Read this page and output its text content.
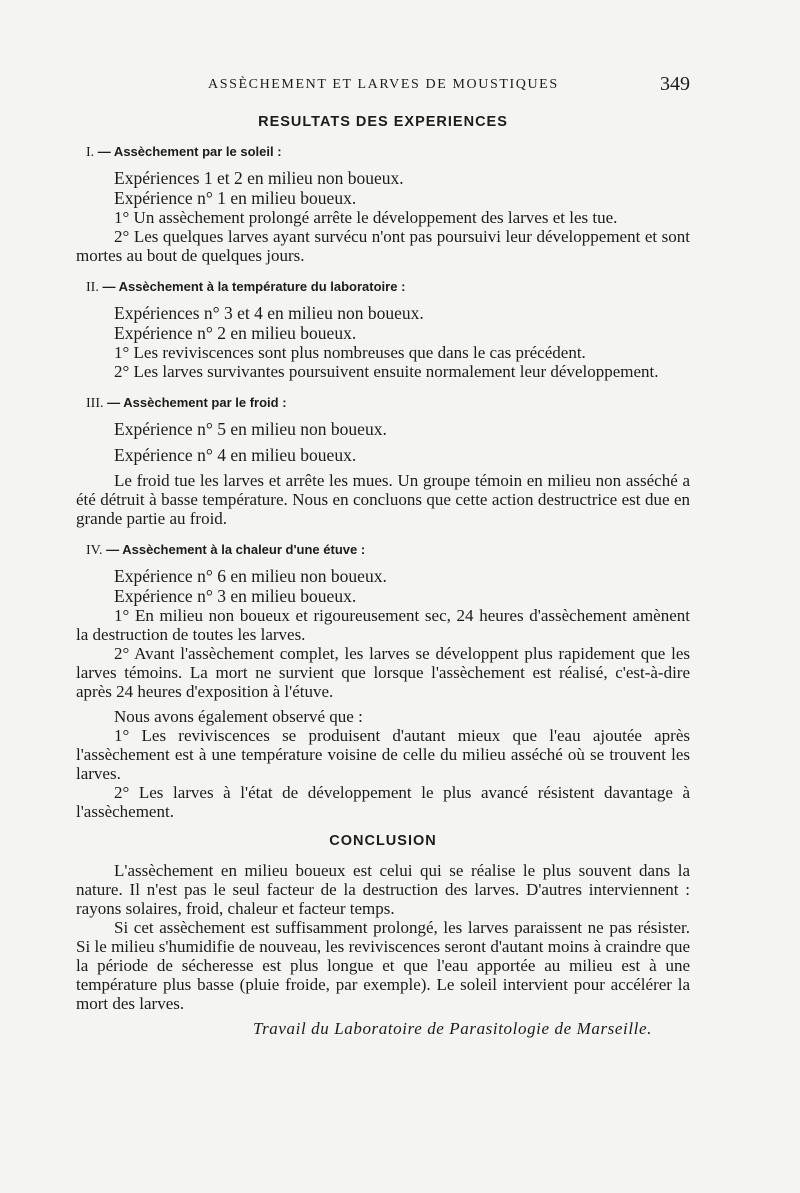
ASSÈCHEMENT ET LARVES DE MOUSTIQUES	349
RESULTATS DES EXPERIENCES
I. — Assèchement par le soleil :

Expériences 1 et 2 en milieu non boueux.

Expérience n° 1 en milieu boueux.

1° Un assèchement prolongé arrête le développement des larves et les tue.

2° Les quelques larves ayant survécu n'ont pas poursuivi leur développement et sont mortes au bout de quelques jours.

II. — Assèchement à la température du laboratoire :

Expériences n° 3 et 4 en milieu non boueux.

Expérience n° 2 en milieu boueux.

1° Les reviviscences sont plus nombreuses que dans le cas précédent.

2° Les larves survivantes poursuivent ensuite normalement leur développement.

III. — Assèchement par le froid :

Expérience n° 5 en milieu non boueux.

Expérience n° 4 en milieu boueux.

Le froid tue les larves et arrête les mues. Un groupe témoin en milieu non asséché a été détruit à basse température. Nous en concluons que cette action destructrice est due en grande partie au froid.

IV. — Assèchement à la chaleur d'une étuve :

Expérience n° 6 en milieu non boueux.

Expérience n° 3 en milieu boueux.

1° En milieu non boueux et rigoureusement sec, 24 heures d'assèchement amènent la destruction de toutes les larves.

2° Avant l'assèchement complet, les larves se développent plus rapidement que les larves témoins. La mort ne survient que lorsque l'assèchement est réalisé, c'est-à-dire après 24 heures d'exposition à l'étuve.

Nous avons également observé que :

1° Les reviviscences se produisent d'autant mieux que l'eau ajoutée après l'assèchement est à une température voisine de celle du milieu asséché où se trouvent les larves.

2° Les larves à l'état de développement le plus avancé résistent davantage à l'assèchement.

CONCLUSION

L'assèchement en milieu boueux est celui qui se réalise le plus souvent dans la nature. Il n'est pas le seul facteur de la destruction des larves. D'autres interviennent : rayons solaires, froid, chaleur et facteur temps.

Si cet assèchement est suffisamment prolongé, les larves paraissent ne pas résister. Si le milieu s'humidifie de nouveau, les reviviscences seront d'autant moins à craindre que la période de sécheresse est plus longue et que l'eau apportée au milieu est à une température plus basse (pluie froide, par exemple). Le soleil intervient pour accélérer la mort des larves.

Travail du Laboratoire de Parasitologie de Marseille.
